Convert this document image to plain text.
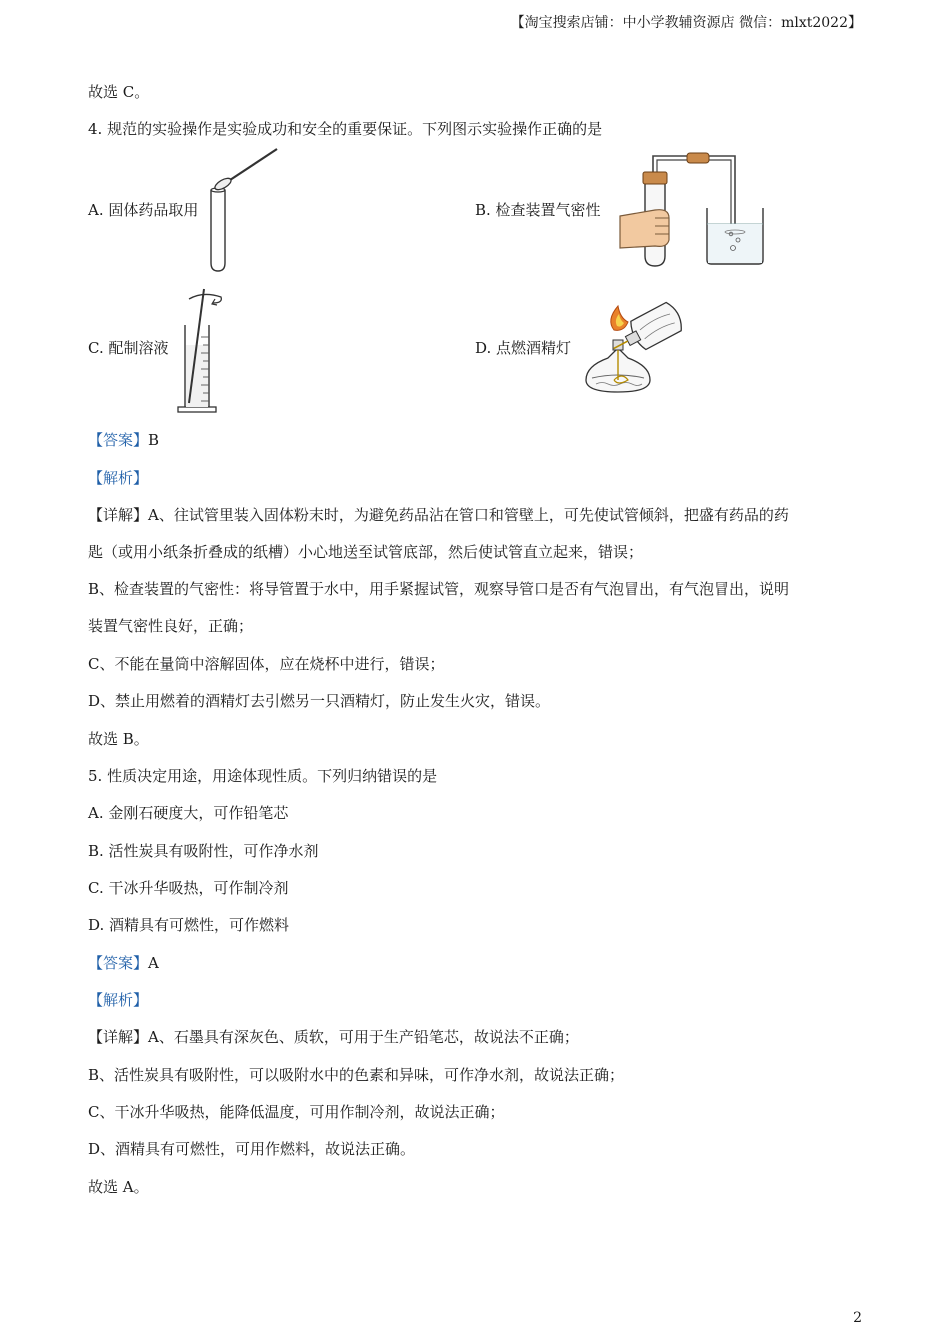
【淘宝搜索店铺：中小学教辅资源店 微信：mlxt2022】
故选 C。
4. 规范的实验操作是实验成功和安全的重要保证。下列图示实验操作正确的是
A. 固体药品取用	B. 检查装置气密性
C. 配制溶液	D. 点燃酒精灯
【答案】B
【解析】
【详解】A、往试管里装入固体粉末时，为避免药品沾在管口和管壁上，可先使试管倾斜，把盛有药品的药
匙（或用小纸条折叠成的纸槽）小心地送至试管底部，然后使试管直立起来，错误；
B、检查装置的气密性：将导管置于水中，用手紧握试管，观察导管口是否有气泡冒出，有气泡冒出，说明
装置气密性良好，正确；
C、不能在量筒中溶解固体，应在烧杯中进行，错误；
D、禁止用燃着的酒精灯去引燃另一只酒精灯，防止发生火灾，错误。
故选 B。
5. 性质决定用途，用途体现性质。下列归纳错误的是
A. 金刚石硬度大，可作铅笔芯
B. 活性炭具有吸附性，可作净水剂
C. 干冰升华吸热，可作制冷剂
D. 酒精具有可燃性，可作燃料
【答案】A
【解析】
【详解】A、石墨具有深灰色、质软，可用于生产铅笔芯，故说法不正确；
B、活性炭具有吸附性，可以吸附水中的色素和异味，可作净水剂，故说法正确；
C、干冰升华吸热，能降低温度，可用作制冷剂，故说法正确；
D、酒精具有可燃性，可用作燃料，故说法正确。
故选 A。
2
